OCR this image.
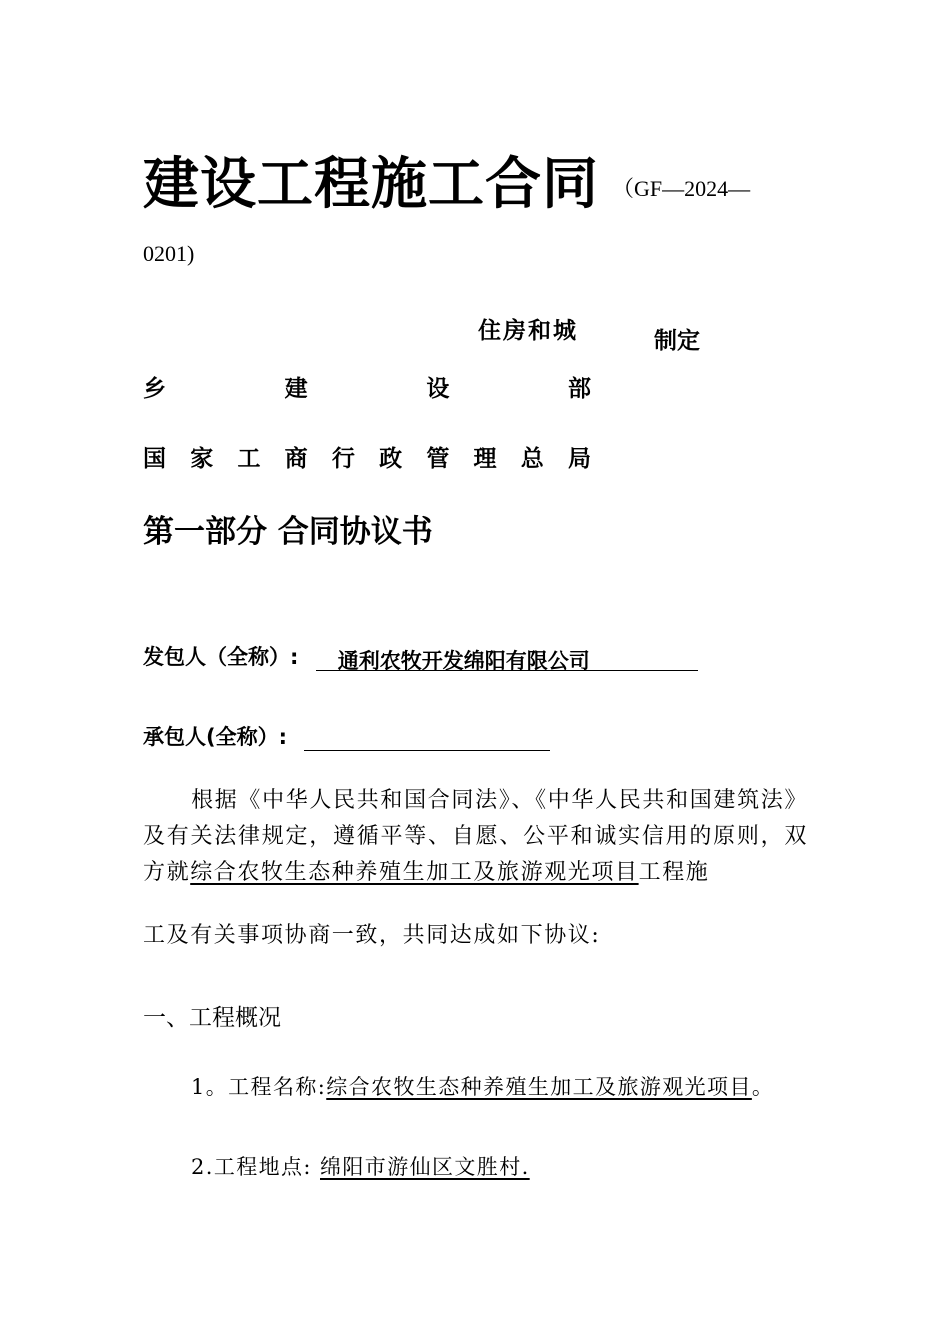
建设工程施工合同 （GF—2024—
0201)
住房和城	制定
乡	建	设	部
国 家 工 商 行 政 管 理 总 局
第一部分 合同协议书
发包人（全称）: 通利农牧开发绵阳有限公司
承包人(全称）:
根据《中华人民共和国合同法》、《中华人民共和国建筑法》及有关法律规定，遵循平等、自愿、公平和诚实信用的原则，双方就综合农牧生态种养殖生加工及旅游观光项目工程施
工及有关事项协商一致，共同达成如下协议:
一、工程概况
1。工程名称:综合农牧生态种养殖生加工及旅游观光项目。
2.工程地点: 绵阳市游仙区文胜村.
